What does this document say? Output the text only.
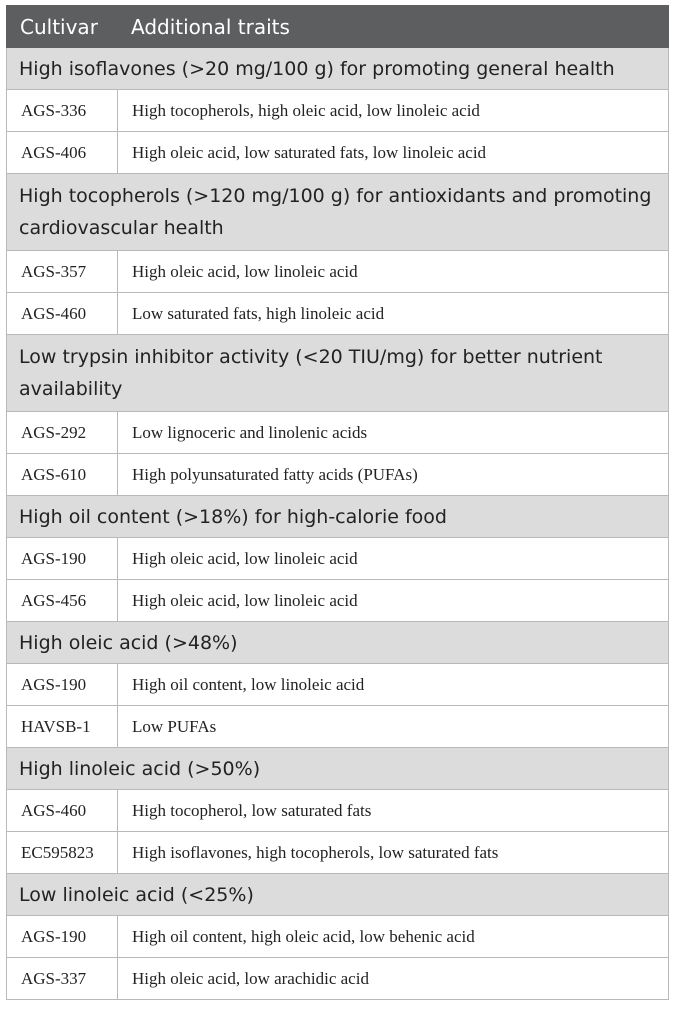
Cultivar	Additional traits
High isoflavones (>20 mg/100 g) for promoting general health	
AGS-336	High tocopherols, high oleic acid, low linoleic acid
AGS-406	High oleic acid, low saturated fats, low linoleic acid
High tocopherols (>120 mg/100 g) for antioxidants and promoting cardiovascular health	
AGS-357	High oleic acid, low linoleic acid
AGS-460	Low saturated fats, high linoleic acid
Low trypsin inhibitor activity (<20 TIU/mg) for better nutrient availability	
AGS-292	Low lignoceric and linolenic acids
AGS-610	High polyunsaturated fatty acids (PUFAs)
High oil content (>18%) for high-calorie food	
AGS-190	High oleic acid, low linoleic acid
AGS-456	High oleic acid, low linoleic acid
High oleic acid (>48%)	
AGS-190	High oil content, low linoleic acid
HAVSB-1	Low PUFAs
High linoleic acid (>50%)	
AGS-460	High tocopherol, low saturated fats
EC595823	High isoflavones, high tocopherols, low saturated fats
Low linoleic acid (<25%)	
AGS-190	High oil content, high oleic acid, low behenic acid
AGS-337	High oleic acid, low arachidic acid
